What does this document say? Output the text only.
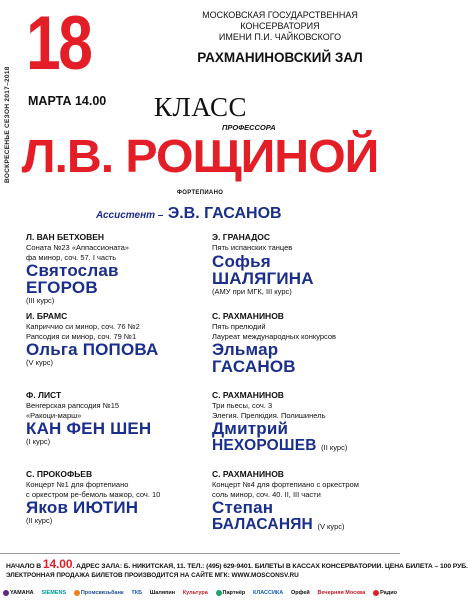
ВОСКРЕСЕНЬЕ СЕЗОН 2017–2018
18
МАРТА 14.00
МОСКОВСКАЯ ГОСУДАРСТВЕННАЯ КОНСЕРВАТОРИЯ
ИМЕНИ П.И. ЧАЙКОВСКОГО
РАХМАНИНОВСКИЙ ЗАЛ
КЛАСС
ПРОФЕССОРА
Л.В. РОЩИНОЙ
ФОРТЕПИАНО
Ассистент – Э.В. ГАСАНОВ
Л. ВАН БЕТХОВЕН
Соната №23 «Аппассионата»
фа минор, соч. 57. I часть
Святослав
ЕГОРОВ
(III курс)
И. БРАМС
Каприччио си минор, соч. 76 №2
Рапсодия си минор, соч. 79 №1
Ольга ПОПОВА
(V курс)
Ф. ЛИСТ
Венгерская рапсодия №15
«Ракоци-марш»
КАН ФЕН ШЕН
(I курс)
С. ПРОКОФЬЕВ
Концерт №1 для фортепиано
с оркестром ре-бемоль мажор, соч. 10
Яков ИЮТИН
(II курс)
Э. ГРАНАДОС
Пять испанских танцев
Софья
ШАЛЯГИНА
(АМУ при МГК, III курс)
С. РАХМАНИНОВ
Пять прелюдий
Лауреат международных конкурсов
Эльмар
ГАСАНОВ
С. РАХМАНИНОВ
Три пьесы, соч. 3
Элегия. Прелюдия. Полишинель
Дмитрий
НЕХОРОШЕВ (II курс)
С. РАХМАНИНОВ
Концерт №4 для фортепиано с оркестром
соль минор, соч. 40. II, III части
Степан
БАЛАСАНЯН (V курс)
НАЧАЛО В 14.00. АДРЕС ЗАЛА: Б. НИКИТСКАЯ, 11. ТЕЛ.: (495) 629-9401. БИЛЕТЫ В КАССАХ КОНСЕРВАТОРИИ. ЦЕНА БИЛЕТА – 100 РУБ.
ЭЛЕКТРОННАЯ ПРОДАЖА БИЛЕТОВ ПРОИЗВОДИТСЯ НА САЙТЕ МГК: WWW.MOSCONSV.RU
YAMAHA SIEMENS	Промсвязьбанк ТКБ Шаляпин Культура	Партнёр КЛАССИКА Орфей Вечерняя Москва	Радио
